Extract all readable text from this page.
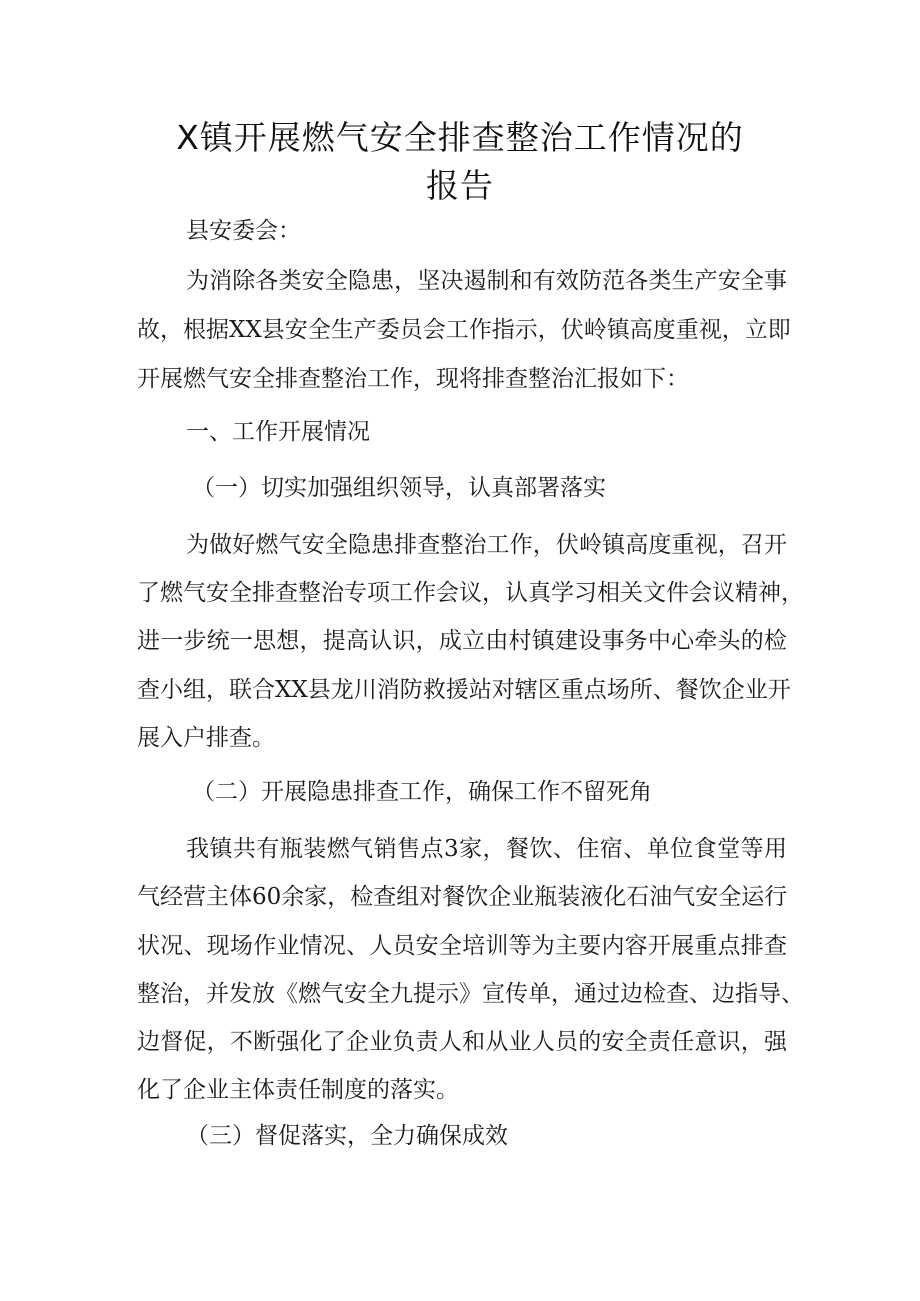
X镇开展燃气安全排查整治工作情况的
报告
县安委会：
为消除各类安全隐患，坚决遏制和有效防范各类生产安全事
故，根据XX县安全生产委员会工作指示，伏岭镇高度重视，立即
开展燃气安全排查整治工作，现将排查整治汇报如下：
一、工作开展情况
（一）切实加强组织领导，认真部署落实
为做好燃气安全隐患排查整治工作，伏岭镇高度重视，召开
了燃气安全排查整治专项工作会议，认真学习相关文件会议精神，
进一步统一思想，提高认识，成立由村镇建设事务中心牵头的检
查小组，联合XX县龙川消防救援站对辖区重点场所、餐饮企业开
展入户排查。
（二）开展隐患排查工作，确保工作不留死角
我镇共有瓶装燃气销售点3家，餐饮、住宿、单位食堂等用
气经营主体60余家，检查组对餐饮企业瓶装液化石油气安全运行
状况、现场作业情况、人员安全培训等为主要内容开展重点排查
整治，并发放《燃气安全九提示》宣传单，通过边检查、边指导、
边督促，不断强化了企业负责人和从业人员的安全责任意识，强
化了企业主体责任制度的落实。
（三）督促落实，全力确保成效
